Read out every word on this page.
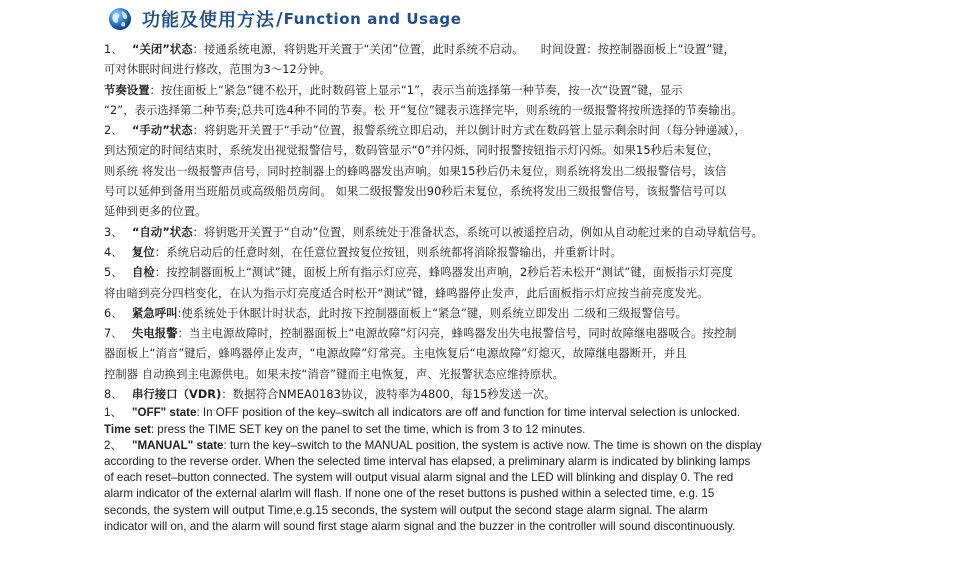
功能及使用方法 / Function and Usage
1、 “关闭”状态：接通系统电源，将钥匙开关置于“关闭”位置，此时系统不启动。　　时间设置：按控制器面板上“设置”键，
可对休眠时间进行修改，范围为3～12分钟。
节奏设置：按住面板上“紧急”键不松开，此时数码管上显示“1”，表示当前选择第一种节奏，按一次“设置”键，显示
“2”，表示选择第二种节奏;总共可选4种不同的节奏。松 开“复位”键表示选择完毕，则系统的一级报警将按所选择的节奏输出。
2、 “手动”状态：将钥匙开关置于“手动”位置，报警系统立即启动，并以倒计时方式在数码管上显示剩余时间（每分钟递减），
到达预定的时间结束时，系统发出视觉报警信号，数码管显示“0”并闪烁，同时报警按钮指示灯闪烁。如果15秒后未复位，
则系统 将发出一级报警声信号，同时控制器上的蜂鸣器发出声响。如果15秒后仍未复位，则系统将发出二级报警信号，该信
号可以延伸到备用当班船员或高级船员房间。 如果二级报警发出90秒后未复位，系统将发出三级报警信号，该报警信号可以
延伸到更多的位置。
3、 “自动”状态：将钥匙开关置于“自动”位置，则系统处于准备状态，系统可以被遥控启动，例如从自动舵过来的自动导航信号。
4、 复位：系统启动后的任意时刻，在任意位置按复位按钮，则系统都将消除报警输出，并重新计时。
5、 自检：按控制器面板上“测试”键，面板上所有指示灯应亮，蜂鸣器发出声响，2秒后若未松开“测试”键，面板指示灯亮度
将由暗到亮分四档变化，在认为指示灯亮度适合时松开“测试”键，蜂鸣器停止发声，此后面板指示灯应按当前亮度发光。
6、 紧急呼叫:使系统处于休眠计时状态，此时按下控制器面板上“紧急”键，则系统立即发出 二级和三级报警信号。
7、 失电报警：当主电源故障时，控制器面板上“电源故障”灯闪亮，蜂鸣器发出失电报警信号，同时故障继电器吸合。按控制
器面板上“消音”键后，蜂鸣器停止发声，“电源故障”灯常亮。主电恢复后“电源故障”灯熄灭，故障继电器断开，并且
控制器 自动换到主电源供电。如果未按“消音”键而主电恢复，声、光报警状态应维持原状。
8、 串行接口（VDR)：数据符合NMEA0183协议，波特率为4800，每15秒发送一次。
1、 "OFF" state: In OFF position of the key–switch all indicators are off and function for time interval selection is unlocked.
Time set: press the TIME SET key on the panel to set the time, which is from 3 to 12 minutes.
2、 "MANUAL" state: turn the key–switch to the MANUAL position, the system is active now. The time is shown on the display
according to the reverse order. When the selected time interval has elapsed, a preliminary alarm is indicated by blinking lamps
of each reset–button connected. The system will output visual alarm signal and the LED will blinking and display 0. The red
alarm indicator of the external alarlm will flash. If none one of the reset buttons is pushed within a selected time, e.g. 15
seconds, the system will output Time,e.g.15 seconds, the system will output the second stage alarm signal. The alarm
indicator will on, and the alarm will sound first stage alarm signal and the buzzer in the controller will sound discontinuously.
